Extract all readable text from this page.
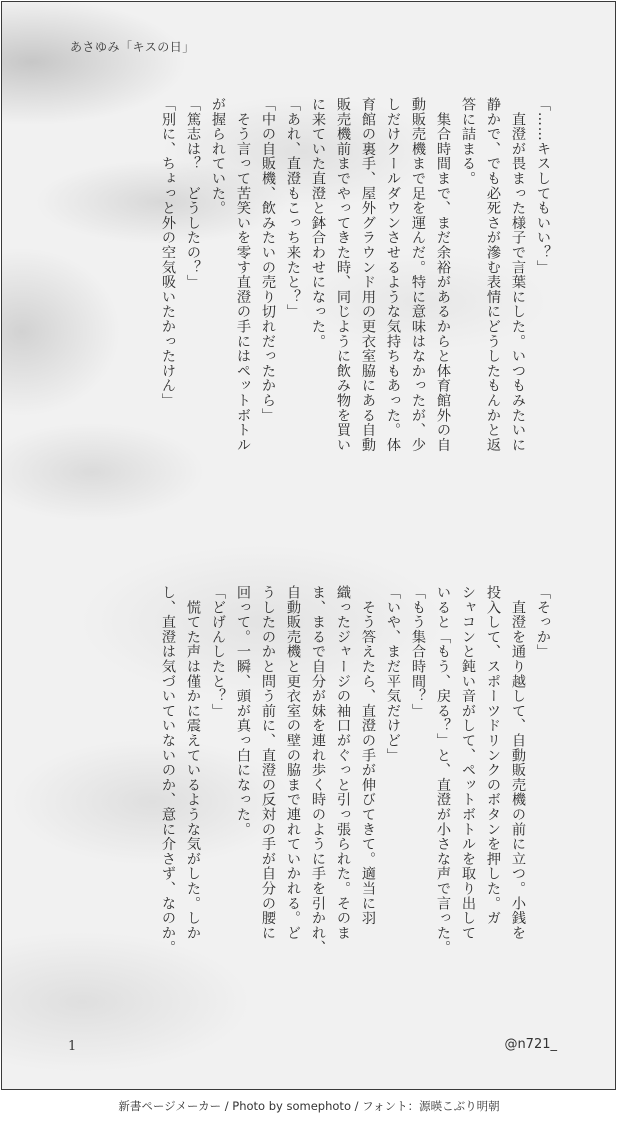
あさゆみ「キスの日」

「……キスしてもいい？」

　直澄が畏まった様子で言葉にした。いつもみたいに

静かで、でも必死さが滲む表情にどうしたもんかと返

答に詰まる。

　集合時間まで、まだ余裕があるからと体育館外の自

動販売機まで足を運んだ。特に意味はなかったが、少

しだけクールダウンさせるような気持ちもあった。体

育館の裏手、屋外グラウンド用の更衣室脇にある自動

販売機前までやってきた時、同じように飲み物を買い

に来ていた直澄と鉢合わせになった。

「あれ、直澄もこっち来たと？」

「中の自販機、飲みたいの売り切れだったから」

　そう言って苦笑いを零す直澄の手にはペットボトル

が握られていた。

「篤志は？　どうしたの？」

「別に、ちょっと外の空気吸いたかったけん」

「そっか」

　直澄を通り越して、自動販売機の前に立つ。小銭を

投入して、スポーツドリンクのボタンを押した。ガ

シャコンと鈍い音がして、ペットボトルを取り出して

いると「もう、戻る？」と、直澄が小さな声で言った。

「もう集合時間？」

「いや、まだ平気だけど」

　そう答えたら、直澄の手が伸びてきて。適当に羽

織ったジャージの袖口がぐっと引っ張られた。そのま

ま、まるで自分が妹を連れ歩く時のように手を引かれ、

自動販売機と更衣室の壁の脇まで連れていかれる。ど

うしたのかと問う前に、直澄の反対の手が自分の腰に

回って。一瞬、頭が真っ白になった。

「どげんしたと？」

　慌てた声は僅かに震えているような気がした。しか

し、直澄は気づいていないのか、意に介さず、なのか。

1	@n721_
新書ページメーカー / Photo by somephoto / フォント：源暎こぶり明朝
